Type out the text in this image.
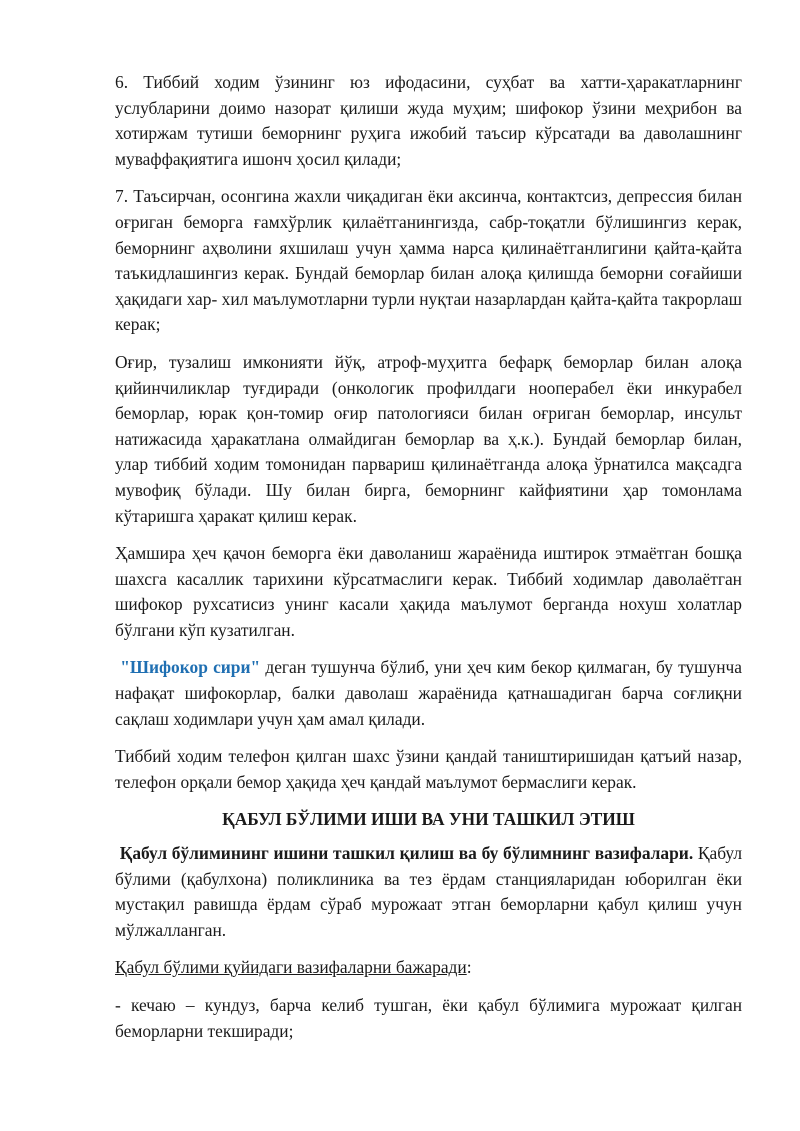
6. Тиббий ходим ўзининг юз ифодасини, суҳбат ва хатти-ҳаракатларнинг услубларини доимо назорат қилиши жуда муҳим; шифокор ўзини меҳрибон ва хотиржам тутиши беморнинг руҳига ижобий таъсир кўрсатади ва даволашнинг муваффақиятига ишонч ҳосил қилади;

7. Таъсирчан, осонгина жахли чиқадиган ёки аксинча, контактсиз, депрессия билан оғриган беморга ғамхўрлик қилаётганингизда, сабр-тоқатли бўлишингиз керак, беморнинг аҳволини яхшилаш учун ҳамма нарса қилинаётганлигини қайта-қайта таъкидлашингиз керак. Бундай беморлар билан алоқа қилишда беморни соғайиши ҳақидаги хар- хил маълумотларни турли нуқтаи назарлардан қайта-қайта такрорлаш керак;

Оғир, тузалиш имконияти йўқ, атроф-муҳитга бефарқ беморлар билан алоқа қийинчиликлар туғдиради (онкологик профилдаги нооперабел ёки инкурабел беморлар, юрак қон-томир оғир патологияси билан оғриган беморлар, инсульт натижасида ҳаракатлана олмайдиган беморлар ва ҳ.к.). Бундай беморлар билан, улар тиббий ходим томонидан парвариш қилинаётганда алоқа ўрнатилса мақсадга мувофиқ бўлади. Шу билан бирга, беморнинг кайфиятини ҳар томонлама кўтаришга ҳаракат қилиш керак.

Ҳамшира ҳеч қачон беморга ёки даволаниш жараёнида иштирок этмаётган бошқа шахсга касаллик тарихини кўрсатмаслиги керак. Тиббий ходимлар даволаётган шифокор рухсатисиз унинг касали ҳақида маълумот берганда нохуш холатлар бўлгани кўп кузатилган.

"Шифокор сири" деган тушунча бўлиб, уни ҳеч ким бекор қилмаган, бу тушунча нафақат шифокорлар, балки даволаш жараёнида қатнашадиган барча соғлиқни сақлаш ходимлари учун ҳам амал қилади.

Тиббий ходим телефон қилган шахс ўзини қандай таништиришидан қатъий назар, телефон орқали бемор ҳақида ҳеч қандай маълумот бермаслиги керак.

ҚАБУЛ БЎЛИМИ ИШИ ВА УНИ ТАШКИЛ ЭТИШ

Қабул бўлимининг ишини ташкил қилиш ва бу бўлимнинг вазифалари. Қабул бўлими (қабулхона) поликлиника ва тез ёрдам станцияларидан юборилган ёки мустақил равишда ёрдам сўраб мурожаат этган беморларни қабул қилиш учун мўлжалланган.

Қабул бўлими қуйидаги вазифаларни бажаради:

- кечаю – кундуз, барча келиб тушган, ёки қабул бўлимига мурожаат қилган беморларни текширади;
